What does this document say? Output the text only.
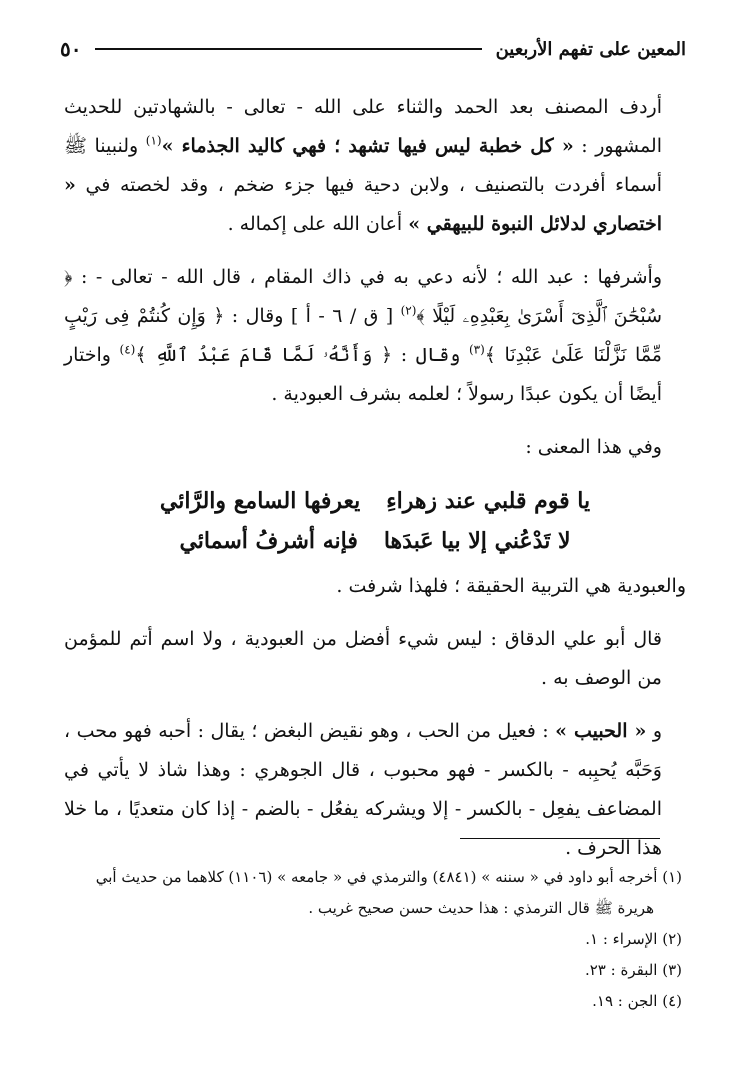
المعين على تفهم الأربعين
٥٠

أردف المصنف بعد الحمد والثناء على الله - تعالى - بالشهادتين للحديث المشهور : « كل خطبة ليس فيها تشهد ؛ فهي كاليد الجذماء »$^{(١)}$ ولنبينا ﷺ أسماء أفردت بالتصنيف ، ولابن دحية فيها جزء ضخم ، وقد لخصته في « اختصاري لدلائل النبوة للبيهقي » أعان الله على إكماله .

وأشرفها : عبد الله ؛ لأنه دعي به في ذاك المقام ، قال الله - تعالى - : ﴿ سُبْحَٰنَ ٱلَّذِىٓ أَسْرَىٰ بِعَبْدِهِۦ لَيْلًا ﴾$^{(٢)}$ [ ق / ٦ - أ ] وقال : ﴿ وَإِن كُنتُمْ فِى رَيْبٍ مِّمَّا نَزَّلْنَا عَلَىٰ عَبْدِنَا ﴾$^{(٣)}$ وقال : ﴿ وَأَنَّهُۥ لَمَّا قَامَ عَبْدُ ٱللَّهِ ﴾$^{(٤)}$ واختار أيضًا أن يكون عبدًا رسولاً ؛ لعلمه بشرف العبودية .

وفي هذا المعنى :

يا قوم قلبي عند زهراءِ
يعرفها السامع والرَّائي
لا تَدْعُني إلا بيا عَبدَها
فإنه أشرفُ أسمائي

والعبودية هي التربية الحقيقة ؛ فلهذا شرفت .

قال أبو علي الدقاق : ليس شيء أفضل من العبودية ، ولا اسم أتم للمؤمن من الوصف به .

و « الحبيب » : فعيل من الحب ، وهو نقيض البغض ؛ يقال : أحبه فهو محب ، وَحَبَّه يُحبِبه - بالكسر - فهو محبوب ، قال الجوهري : وهذا شاذ لا يأتي في المضاعف يفعِل - بالكسر - إلا ويشركه يفعُل - بالضم - إذا كان متعديًا ، ما خلا هذا الحرف .

(١) أخرجه أبو داود في « سننه » (٤٨٤١) والترمذي في « جامعه » (١١٠٦) كلاهما من حديث أبي

هريرة ﷺ قال الترمذي : هذا حديث حسن صحيح غريب .

(٢) الإسراء : ١.

(٣) البقرة : ٢٣.

(٤) الجن : ١٩.
